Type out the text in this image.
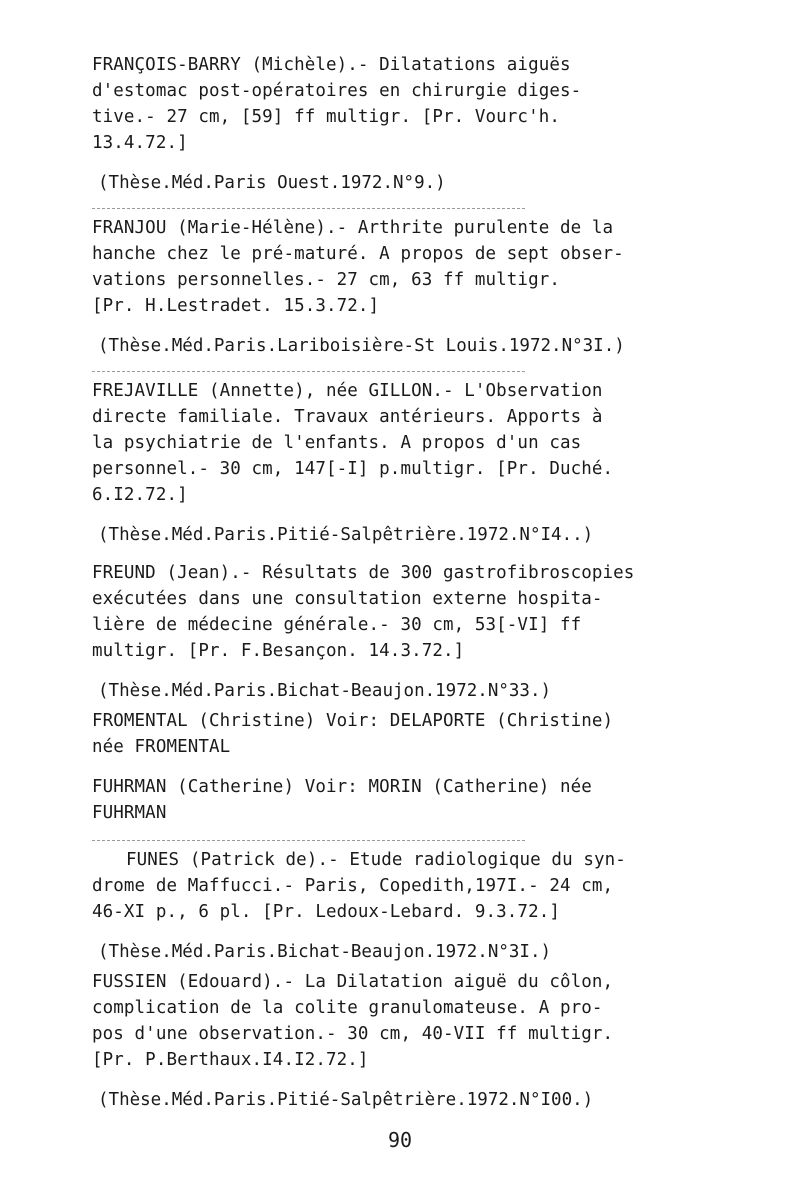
FRANÇOIS-BARRY (Michèle).- Dilatations aiguës
d'estomac post-opératoires en chirurgie diges-
tive.- 27 cm, [59] ff multigr. [Pr. Vourc'h.
13.4.72.]
(Thèse.Méd.Paris Ouest.1972.N°9.)
FRANJOU (Marie-Hélène).- Arthrite purulente de la
hanche chez le pré-maturé. A propos de sept obser-
vations personnelles.- 27 cm, 63 ff multigr.
[Pr. H.Lestradet. 15.3.72.]
(Thèse.Méd.Paris.Lariboisière-St Louis.1972.N°3I.)
FREJAVILLE (Annette), née GILLON.- L'Observation
directe familiale. Travaux antérieurs. Apports à
la psychiatrie de l'enfants. A propos d'un cas
personnel.- 30 cm, 147[-I] p.multigr. [Pr. Duché.
6.I2.72.]
(Thèse.Méd.Paris.Pitié-Salpêtrière.1972.N°I4..)
FREUND (Jean).- Résultats de 300 gastrofibroscopies
exécutées dans une consultation externe hospita-
lière de médecine générale.- 30 cm, 53[-VI] ff
multigr. [Pr. F.Besançon. 14.3.72.]
(Thèse.Méd.Paris.Bichat-Beaujon.1972.N°33.)
FROMENTAL (Christine) Voir: DELAPORTE (Christine)
née FROMENTAL
FUHRMAN (Catherine) Voir: MORIN (Catherine) née
FUHRMAN
FUNES (Patrick de).- Etude radiologique du syn-
drome de Maffucci.- Paris, Copedith,197I.- 24 cm,
46-XI p., 6 pl. [Pr. Ledoux-Lebard. 9.3.72.]
(Thèse.Méd.Paris.Bichat-Beaujon.1972.N°3I.)
FUSSIEN (Edouard).- La Dilatation aiguë du côlon,
complication de la colite granulomateuse. A pro-
pos d'une observation.- 30 cm, 40-VII ff multigr.
[Pr. P.Berthaux.I4.I2.72.]
(Thèse.Méd.Paris.Pitié-Salpêtrière.1972.N°I00.)
90
